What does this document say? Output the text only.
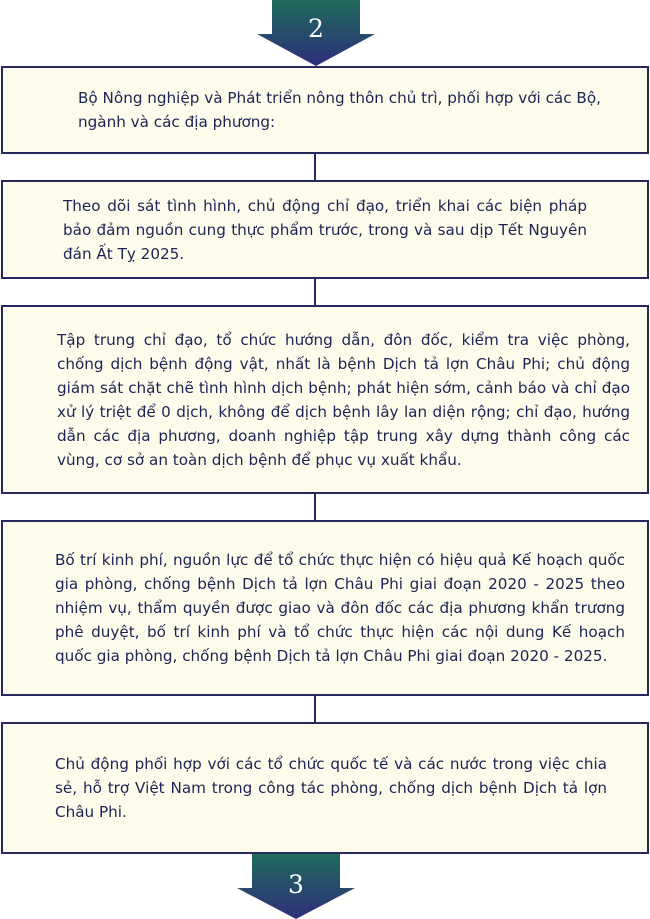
2

Bộ Nông nghiệp và Phát triển nông thôn chủ trì, phối hợp với các Bộ, ngành và các địa phương:

Theo dõi sát tình hình, chủ động chỉ đạo, triển khai các biện pháp bảo đảm nguồn cung thực phẩm trước, trong và sau dịp Tết Nguyên đán Ất Tỵ 2025.

Tập trung chỉ đạo, tổ chức hướng dẫn, đôn đốc, kiểm tra việc phòng, chống dịch bệnh động vật, nhất là bệnh Dịch tả lợn Châu Phi; chủ động giám sát chặt chẽ tình hình dịch bệnh; phát hiện sớm, cảnh báo và chỉ đạo xử lý triệt để 0 dịch, không để dịch bệnh lây lan diện rộng; chỉ đạo, hướng dẫn các địa phương, doanh nghiệp tập trung xây dựng thành công các vùng, cơ sở an toàn dịch bệnh để phục vụ xuất khẩu.

Bố trí kinh phí, nguồn lực để tổ chức thực hiện có hiệu quả Kế hoạch quốc gia phòng, chống bệnh Dịch tả lợn Châu Phi giai đoạn 2020 - 2025 theo nhiệm vụ, thẩm quyền được giao và đôn đốc các địa phương khẩn trương phê duyệt, bố trí kinh phí và tổ chức thực hiện các nội dung Kế hoạch quốc gia phòng, chống bệnh Dịch tả lợn Châu Phi giai đoạn 2020 - 2025.

Chủ động phối hợp với các tổ chức quốc tế và các nước trong việc chia sẻ, hỗ trợ Việt Nam trong công tác phòng, chống dịch bệnh Dịch tả lợn Châu Phi.

3
